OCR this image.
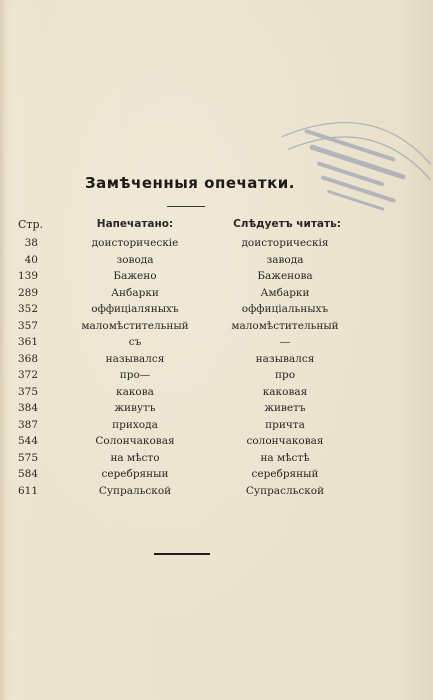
Замѣченныя опечатки.
Стр.	Напечатано:	Слѣдуетъ читать:
38	доисторическіе	доисторическія
40	зовода	завода
139	Бажено	Баженова
289	Анбарки	Амбарки
352	оффиціаляныхъ	оффиціальныхъ
357	маломѣстительный	маломѣстительный
361	съ	—
368	назывался	назывался
372	про—	про
375	какова	каковая
384	живутъ	живетъ
387	прихода	причта
544	Солончаковая	солончаковая
575	на мѣсто	на мѣстѣ
584	серебряныи	серебряный
611	Супральской	Супрасльской
